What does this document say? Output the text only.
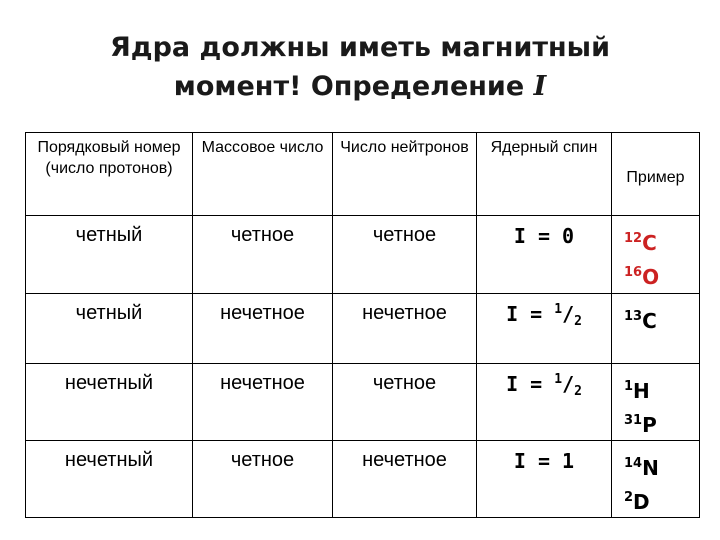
Ядра должны иметь магнитный
момент! Определение I
Порядковый номер (число протонов)	Массовое число	Число нейтронов	Ядерный спин	Пример
четный	четное	четное	I = 0	$^{12}$C
$^{16}$O

четный	нечетное	нечетное	$I = ^1/_2$	$^{13}$C

нечетный	нечетное	четное	$I = ^1/_2$	$^1$H
$^{31}$P

нечетный	четное	нечетное	I = 1	$^{14}$N
$^2$D
